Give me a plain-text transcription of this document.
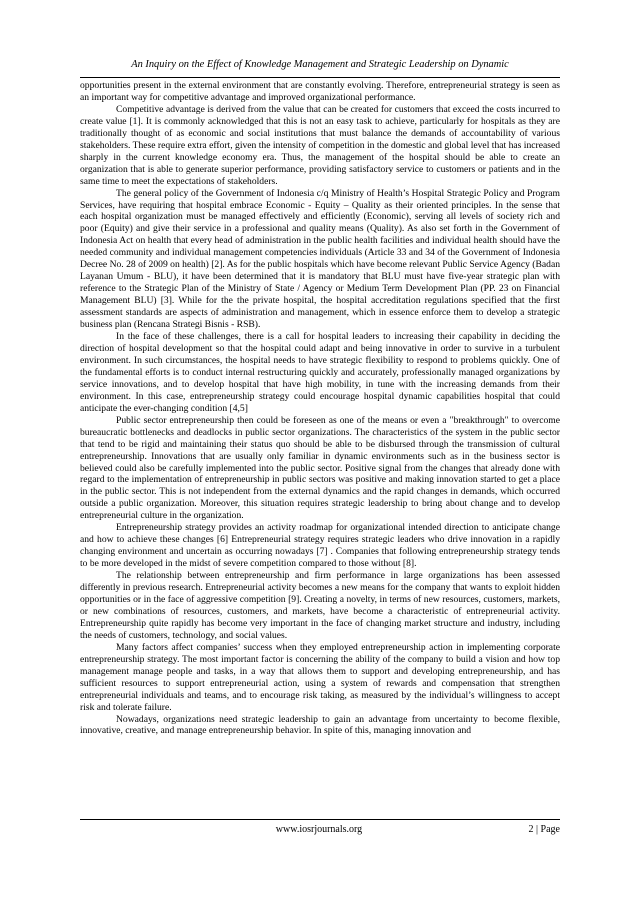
An Inquiry on the Effect of Knowledge Management and Strategic Leadership on Dynamic

opportunities present in the external environment that are constantly evolving. Therefore, entrepreneurial strategy is seen as an important way for competitive advantage and improved organizational performance.

Competitive advantage is derived from the value that can be created for customers that exceed the costs incurred to create value [1]. It is commonly acknowledged that this is not an easy task to achieve, particularly for hospitals as they are traditionally thought of as economic and social institutions that must balance the demands of accountability of various stakeholders. These require extra effort, given the intensity of competition in the domestic and global level that has increased sharply in the current knowledge economy era. Thus, the management of the hospital should be able to create an organization that is able to generate superior performance, providing satisfactory service to customers or patients and in the same time to meet the expectations of stakeholders.

The general policy of the Government of Indonesia c/q Ministry of Health’s Hospital Strategic Policy and Program Services, have requiring that hospital embrace Economic - Equity – Quality as their oriented principles. In the sense that each hospital organization must be managed effectively and efficiently (Economic), serving all levels of society rich and poor (Equity) and give their service in a professional and quality means (Quality). As also set forth in the Government of Indonesia Act on health that every head of administration in the public health facilities and individual health should have the needed community and individual management competencies individuals (Article 33 and 34 of the Government of Indonesia Decree No. 28 of 2009 on health) [2]. As for the public hospitals which have become relevant Public Service Agency (Badan Layanan Umum - BLU), it have been determined that it is mandatory that BLU must have five-year strategic plan with reference to the Strategic Plan of the Ministry of State / Agency or Medium Term Development Plan (PP. 23 on Financial Management BLU) [3]. While for the the private hospital, the hospital accreditation regulations specified that the first assessment standards are aspects of administration and management, which in essence enforce them to develop a strategic business plan (Rencana Strategi Bisnis - RSB).

In the face of these challenges, there is a call for hospital leaders to increasing their capability in deciding the direction of hospital development so that the hospital could adapt and being innovative in order to survive in a turbulent environment. In such circumstances, the hospital needs to have strategic flexibility to respond to problems quickly. One of the fundamental efforts is to conduct internal restructuring quickly and accurately, professionally managed organizations by service innovations, and to develop hospital that have high mobility, in tune with the increasing demands from their environment. In this case, entrepreneurship strategy could encourage hospital dynamic capabilities hospital that could anticipate the ever-changing condition [4,5]

Public sector entrepreneurship then could be foreseen as one of the means or even a "breakthrough" to overcome bureaucratic bottlenecks and deadlocks in public sector organizations. The characteristics of the system in the public sector that tend to be rigid and maintaining their status quo should be able to be disbursed through the transmission of cultural entrepreneurship. Innovations that are usually only familiar in dynamic environments such as in the business sector is believed could also be carefully implemented into the public sector. Positive signal from the changes that already done with regard to the implementation of entrepreneurship in public sectors was positive and making innovation started to get a place in the public sector. This is not independent from the external dynamics and the rapid changes in demands, which occurred outside a public organization. Moreover, this situation requires strategic leadership to bring about change and to develop entrepreneurial culture in the organization.

Entrepreneurship strategy provides an activity roadmap for organizational intended direction to anticipate change and how to achieve these changes [6] Entrepreneurial strategy requires strategic leaders who drive innovation in a rapidly changing environment and uncertain as occurring nowadays [7] . Companies that following entrepreneurship strategy tends to be more developed in the midst of severe competition compared to those without [8].

The relationship between entrepreneurship and firm performance in large organizations has been assessed differently in previous research. Entrepreneurial activity becomes a new means for the company that wants to exploit hidden opportunities or in the face of aggressive competition [9]. Creating a novelty, in terms of new resources, customers, markets, or new combinations of resources, customers, and markets, have become a characteristic of entrepreneurial activity. Entrepreneurship quite rapidly has become very important in the face of changing market structure and industry, including the needs of customers, technology, and social values.

Many factors affect companies’ success when they employed entrepreneurship action in implementing corporate entrepreneurship strategy. The most important factor is concerning the ability of the company to build a vision and how top management manage people and tasks, in a way that allows them to support and developing entrepreneurship, and has sufficient resources to support entrepreneurial action, using a system of rewards and compensation that strengthen entrepreneurial individuals and teams, and to encourage risk taking, as measured by the individual’s willingness to accept risk and tolerate failure.

Nowadays, organizations need strategic leadership to gain an advantage from uncertainty to become flexible, innovative, creative, and manage entrepreneurship behavior. In spite of this, managing innovation and

www.iosrjournals.org	2 | Page
